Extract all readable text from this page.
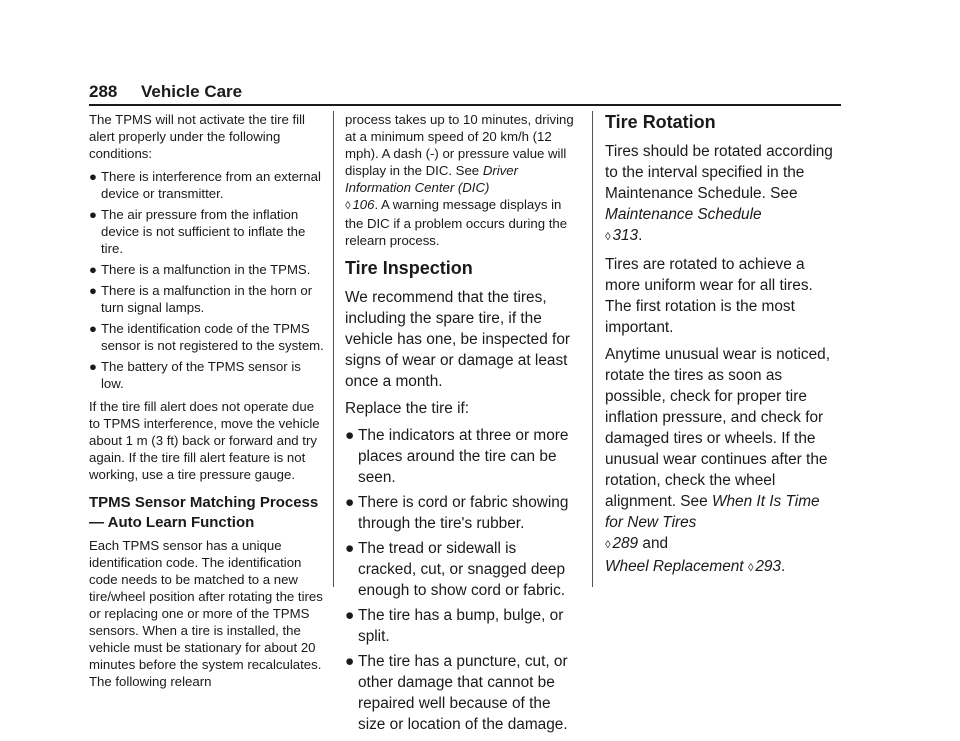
288 Vehicle Care

The TPMS will not activate the tire fill alert properly under the following conditions:

● There is interference from an external device or transmitter.
● The air pressure from the inflation device is not sufficient to inflate the tire.
● There is a malfunction in the TPMS.
● There is a malfunction in the horn or turn signal lamps.
● The identification code of the TPMS sensor is not registered to the system.
● The battery of the TPMS sensor is low.

If the tire fill alert does not operate due to TPMS interference, move the vehicle about 1 m (3 ft) back or forward and try again. If the tire fill alert feature is not working, use a tire pressure gauge.

TPMS Sensor Matching Process — Auto Learn Function

Each TPMS sensor has a unique identification code. The identification code needs to be matched to a new tire/wheel position after rotating the tires or replacing one or more of the TPMS sensors. When a tire is installed, the vehicle must be stationary for about 20 minutes before the system recalculates. The following relearn

process takes up to 10 minutes, driving at a minimum speed of 20 km/h (12 mph). A dash (-) or pressure value will display in the DIC. See Driver Information Center (DIC)
◊ 106. A warning message displays in the DIC if a problem occurs during the relearn process.

Tire Inspection

We recommend that the tires, including the spare tire, if the vehicle has one, be inspected for signs of wear or damage at least once a month.

Replace the tire if:

● The indicators at three or more places around the tire can be seen.
● There is cord or fabric showing through the tire's rubber.
● The tread or sidewall is cracked, cut, or snagged deep enough to show cord or fabric.
● The tire has a bump, bulge, or split.
● The tire has a puncture, cut, or other damage that cannot be repaired well because of the size or location of the damage.
Tire Rotation

Tires should be rotated according to the interval specified in the Maintenance Schedule. See Maintenance Schedule
◊ 313.

Tires are rotated to achieve a more uniform wear for all tires. The first rotation is the most important.

Anytime unusual wear is noticed, rotate the tires as soon as possible, check for proper tire inflation pressure, and check for damaged tires or wheels. If the unusual wear continues after the rotation, check the wheel alignment. See When It Is Time for New Tires
◊ 289 and
Wheel Replacement ◊ 293.
